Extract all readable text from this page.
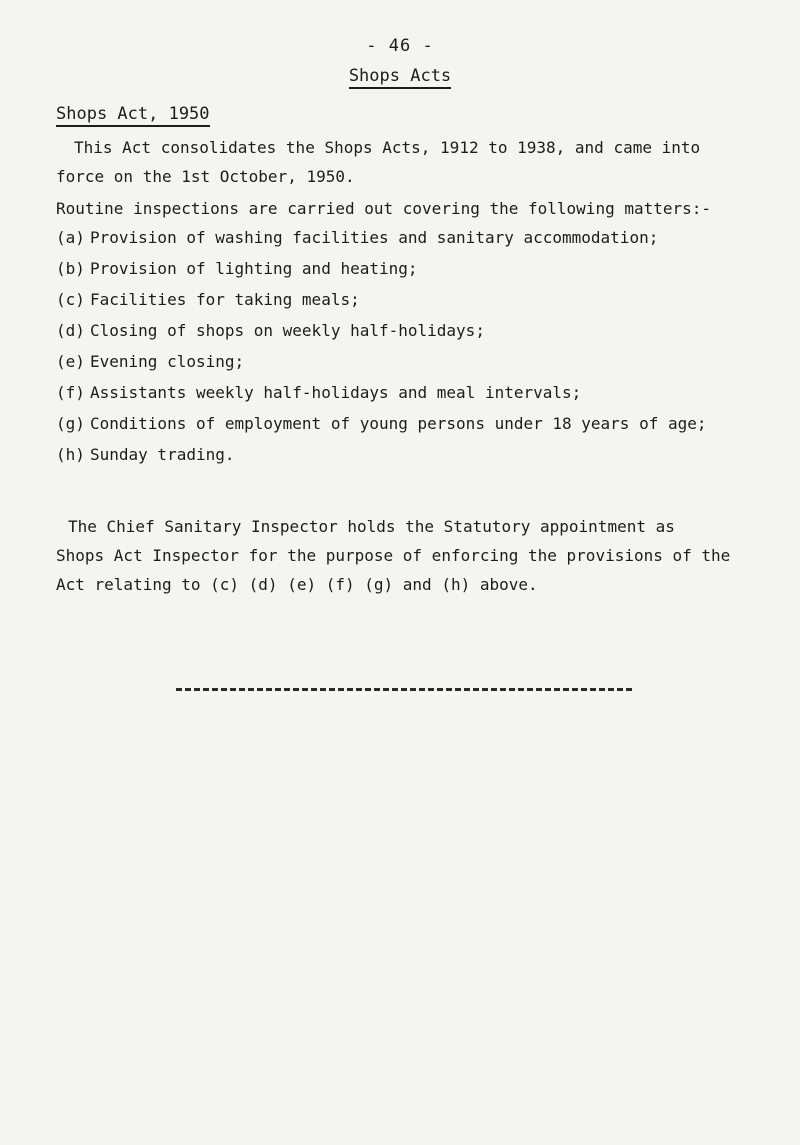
- 46 -
Shops Acts
Shops Act, 1950
This Act consolidates the Shops Acts, 1912 to 1938, and came into
force on the 1st October, 1950.
Routine inspections are carried out covering the following matters:-
(a) Provision of washing facilities and sanitary accommodation;
(b) Provision of lighting and heating;
(c) Facilities for taking meals;
(d) Closing of shops on weekly half-holidays;
(e) Evening closing;
(f) Assistants weekly half-holidays and meal intervals;
(g) Conditions of employment of young persons under 18 years of age;
(h) Sunday trading.
The Chief Sanitary Inspector holds the Statutory appointment as
Shops Act Inspector for the purpose of enforcing the provisions of the
Act relating to (c) (d) (e) (f) (g) and (h) above.
